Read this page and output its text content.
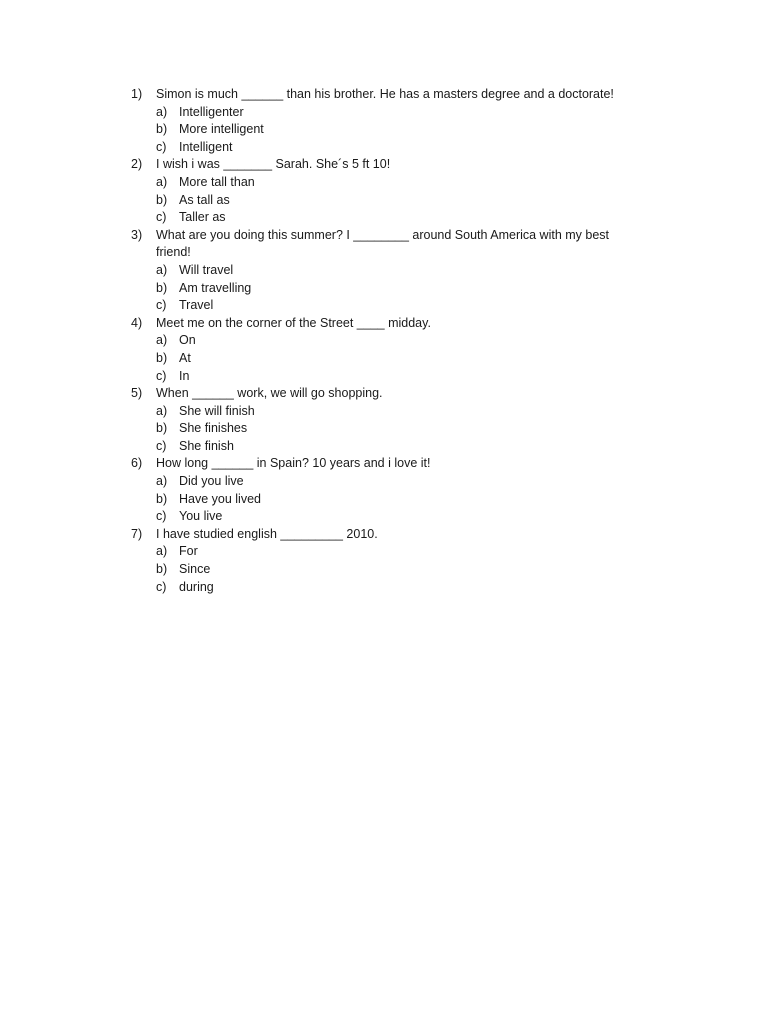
1) Simon is much ______ than his brother. He has a masters degree and a doctorate!
a) Intelligenter
b) More intelligent
c) Intelligent
2) I wish i was _______ Sarah. She´s 5 ft 10!
a) More tall than
b) As tall as
c) Taller as
3) What are you doing this summer? I ________ around South America with my best friend!
a) Will travel
b) Am travelling
c) Travel
4) Meet me on the corner of the Street ____ midday.
a) On
b) At
c) In
5) When ______ work, we will go shopping.
a) She will finish
b) She finishes
c) She finish
6) How long ______ in Spain? 10 years and i love it!
a) Did you live
b) Have you lived
c) You live
7) I have studied english _________ 2010.
a) For
b) Since
c) during
